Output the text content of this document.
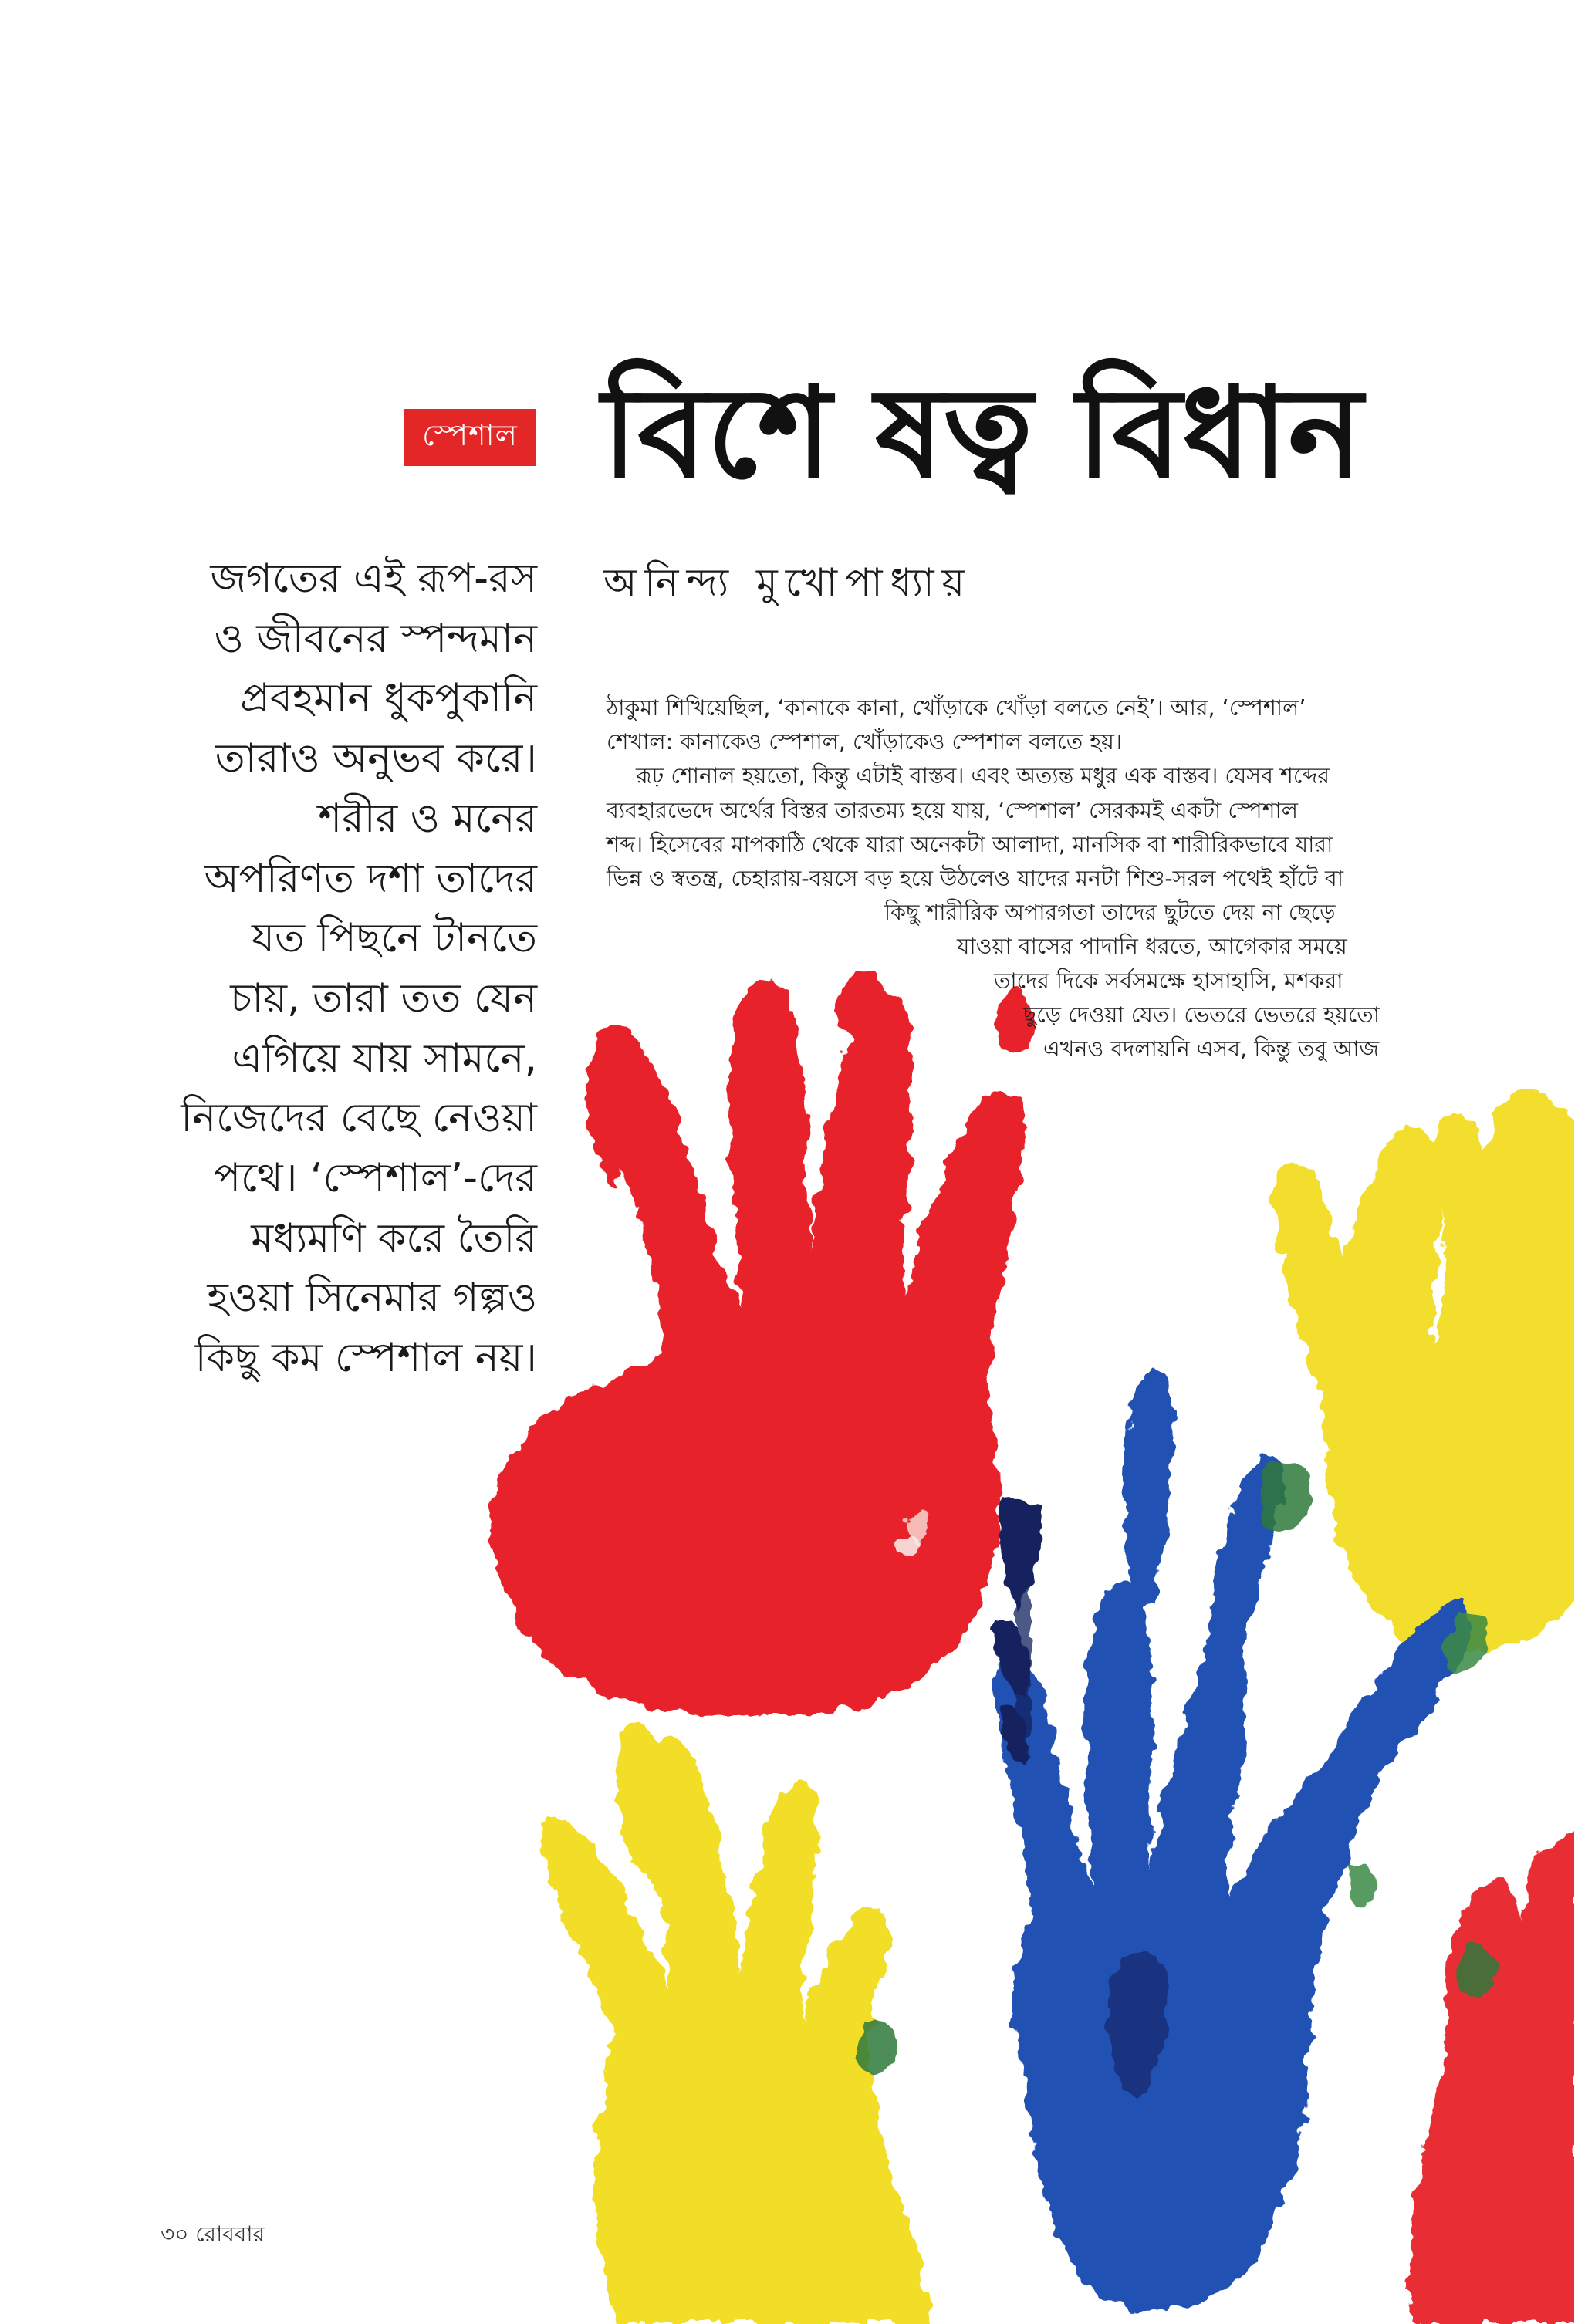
স্পেশাল বিশে ষত্ব বিধান
অনিন্দ্য মুখোপাধ্যায়
জগতের এই রূপ-রস
ও জীবনের স্পন্দমান
প্রবহমান ধুকপুকানি
তারাও অনুভব করে।
শরীর ও মনের
অপরিণত দশা তাদের
যত পিছনে টানতে
চায়, তারা তত যেন
এগিয়ে যায় সামনে,
নিজেদের বেছে নেওয়া
পথে। ‘স্পেশাল’-দের
মধ্যমণি করে তৈরি
হওয়া সিনেমার গল্পও
কিছু কম স্পেশাল নয়।
ঠাকুমা শিখিয়েছিল, ‘কানাকে কানা, খোঁড়াকে খোঁড়া বলতে নেই’। আর, ‘স্পেশাল’
শেখাল: কানাকেও স্পেশাল, খোঁড়াকেও স্পেশাল বলতে হয়।
রূঢ় শোনাল হয়তো, কিন্তু এটাই বাস্তব। এবং অত্যন্ত মধুর এক বাস্তব। যেসব শব্দের
ব্যবহারভেদে অর্থের বিস্তর তারতম্য হয়ে যায়, ‘স্পেশাল’ সেরকমই একটা স্পেশাল
শব্দ। হিসেবের মাপকাঠি থেকে যারা অনেকটা আলাদা, মানসিক বা শারীরিকভাবে যারা
ভিন্ন ও স্বতন্ত্র, চেহারায়-বয়সে বড় হয়ে উঠলেও যাদের মনটা শিশু-সরল পথেই হাঁটে বা
কিছু শারীরিক অপারগতা তাদের ছুটতে দেয় না ছেড়ে
যাওয়া বাসের পাদানি ধরতে, আগেকার সময়ে
তাদের দিকে সর্বসমক্ষে হাসাহাসি, মশকরা
ছুড়ে দেওয়া যেত। ভেতরে ভেতরে হয়তো
এখনও বদলায়নি এসব, কিন্তু তবু আজ
৩০ রোববার
